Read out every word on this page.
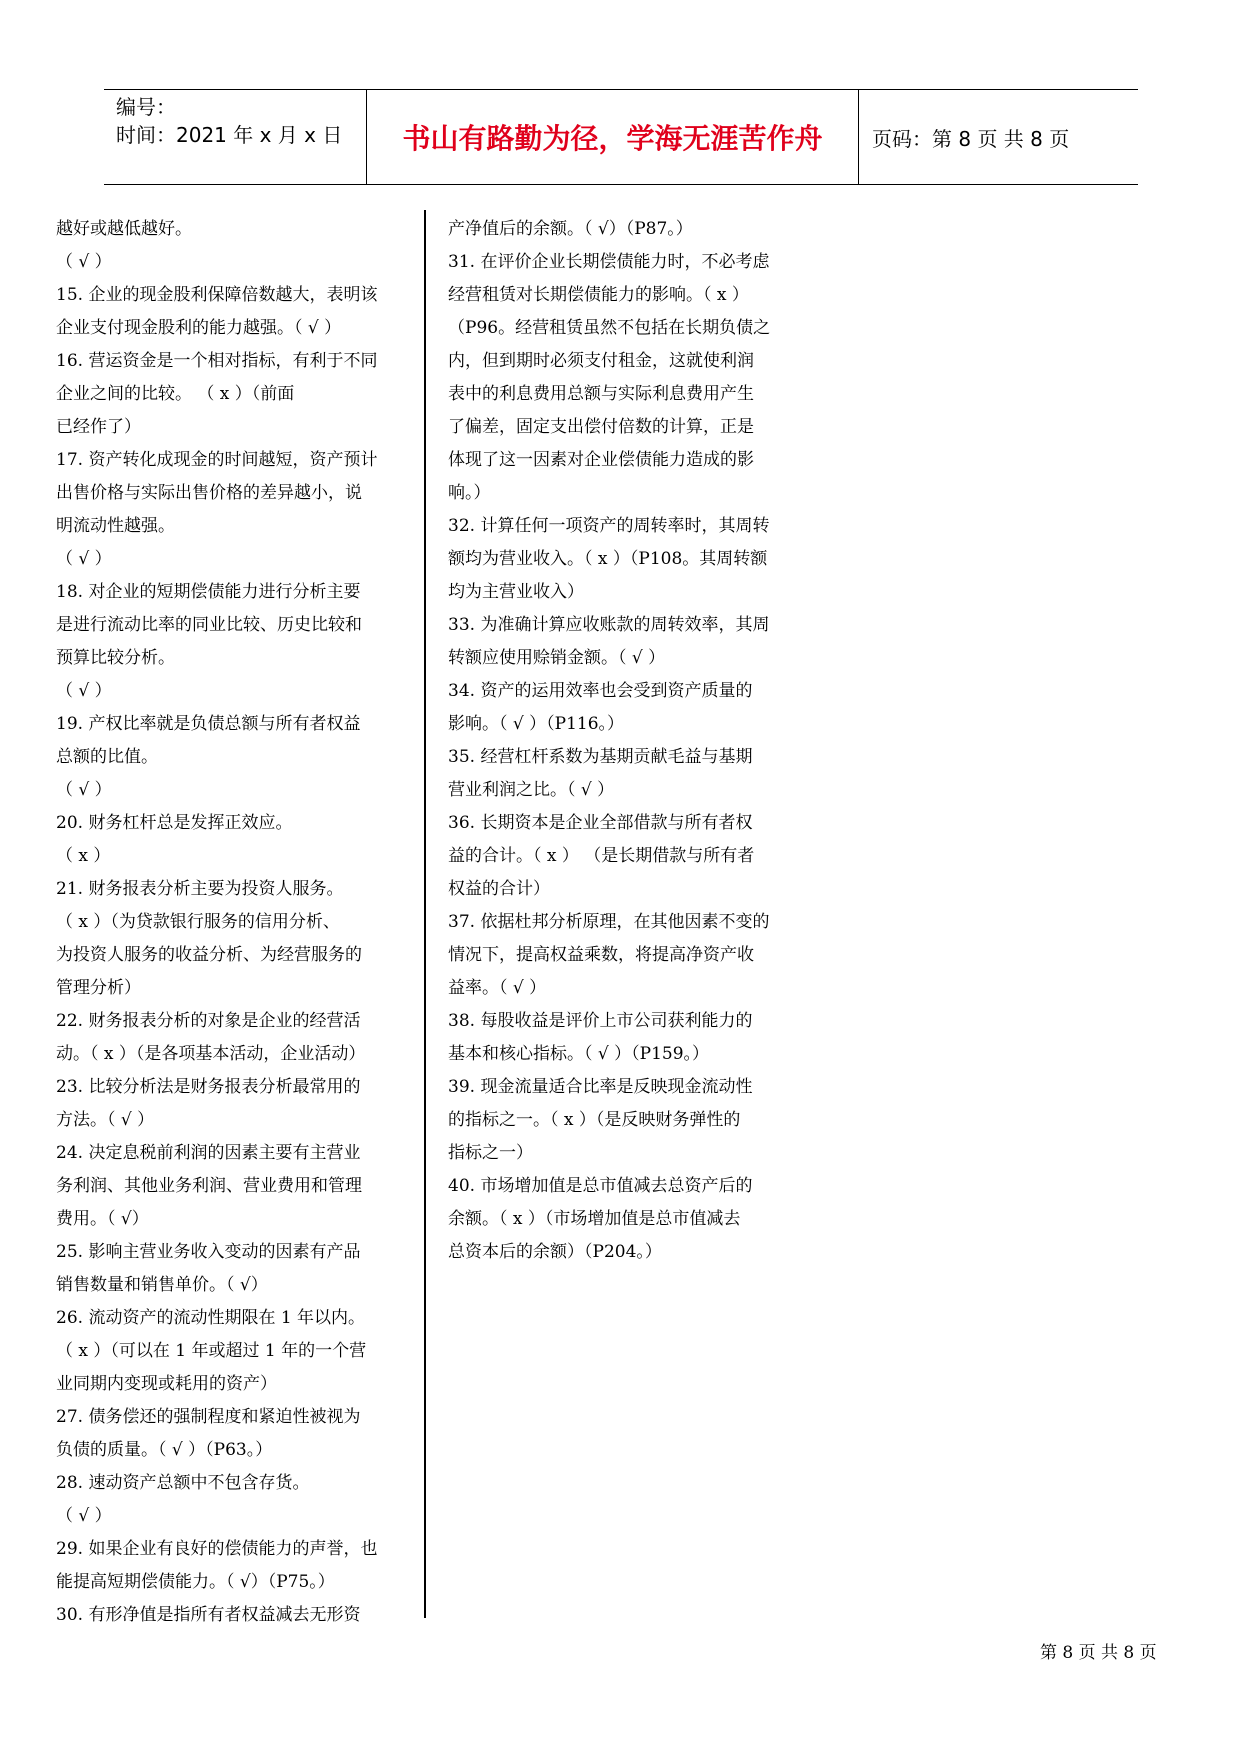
编号：
时间：2021 年 x 月 x 日 书山有路勤为径，学海无涯苦作舟 页码：第 8 页 共 8 页
越好或越低越好。
（ √ ）
15. 企业的现金股利保障倍数越大，表明该
企业支付现金股利的能力越强。（ √ ）
16. 营运资金是一个相对指标，有利于不同
企业之间的比较。 （ x ）（前面
已经作了）
17. 资产转化成现金的时间越短，资产预计
出售价格与实际出售价格的差异越小，说
明流动性越强。
（ √ ）
18. 对企业的短期偿债能力进行分析主要
是进行流动比率的同业比较、历史比较和
预算比较分析。
（ √ ）
19. 产权比率就是负债总额与所有者权益
总额的比值。
（ √ ）
20. 财务杠杆总是发挥正效应。
（ x ）
21. 财务报表分析主要为投资人服务。
（ x ）（为贷款银行服务的信用分析、
为投资人服务的收益分析、为经营服务的
管理分析）
22. 财务报表分析的对象是企业的经营活
动。（ x ）（是各项基本活动，企业活动）
23. 比较分析法是财务报表分析最常用的
方法。（ √ ）
24. 决定息税前利润的因素主要有主营业
务利润、其他业务利润、营业费用和管理
费用。（ √）
25. 影响主营业务收入变动的因素有产品
销售数量和销售单价。（ √）
26. 流动资产的流动性期限在 1 年以内。
（ x ）（可以在 1 年或超过 1 年的一个营
业同期内变现或耗用的资产）
27. 债务偿还的强制程度和紧迫性被视为
负债的质量。（ √ ）（P63。）
28. 速动资产总额中不包含存货。
（ √ ）
29. 如果企业有良好的偿债能力的声誉，也
能提高短期偿债能力。（ √）（P75。）
30. 有形净值是指所有者权益减去无形资
产净值后的余额。（ √）（P87。）
31. 在评价企业长期偿债能力时，不必考虑
经营租赁对长期偿债能力的影响。（ x ）
（P96。经营租赁虽然不包括在长期负债之
内，但到期时必须支付租金，这就使利润
表中的利息费用总额与实际利息费用产生
了偏差，固定支出偿付倍数的计算，正是
体现了这一因素对企业偿债能力造成的影
响。）
32. 计算任何一项资产的周转率时，其周转
额均为营业收入。（ x ）（P108。其周转额
均为主营业收入）
33. 为准确计算应收账款的周转效率，其周
转额应使用赊销金额。（ √ ）
34. 资产的运用效率也会受到资产质量的
影响。（ √ ）（P116。）
35. 经营杠杆系数为基期贡献毛益与基期
营业利润之比。（ √ ）
36. 长期资本是企业全部借款与所有者权
益的合计。（ x ） （是长期借款与所有者
权益的合计）
37. 依据杜邦分析原理，在其他因素不变的
情况下，提高权益乘数，将提高净资产收
益率。（ √ ）
38. 每股收益是评价上市公司获利能力的
基本和核心指标。（ √ ）（P159。）
39. 现金流量适合比率是反映现金流动性
的指标之一。（ x ）（是反映财务弹性的
指标之一）
40. 市场增加值是总市值减去总资产后的
余额。（ x ）（市场增加值是总市值减去
总资本后的余额）（P204。）
第 8 页 共 8 页
